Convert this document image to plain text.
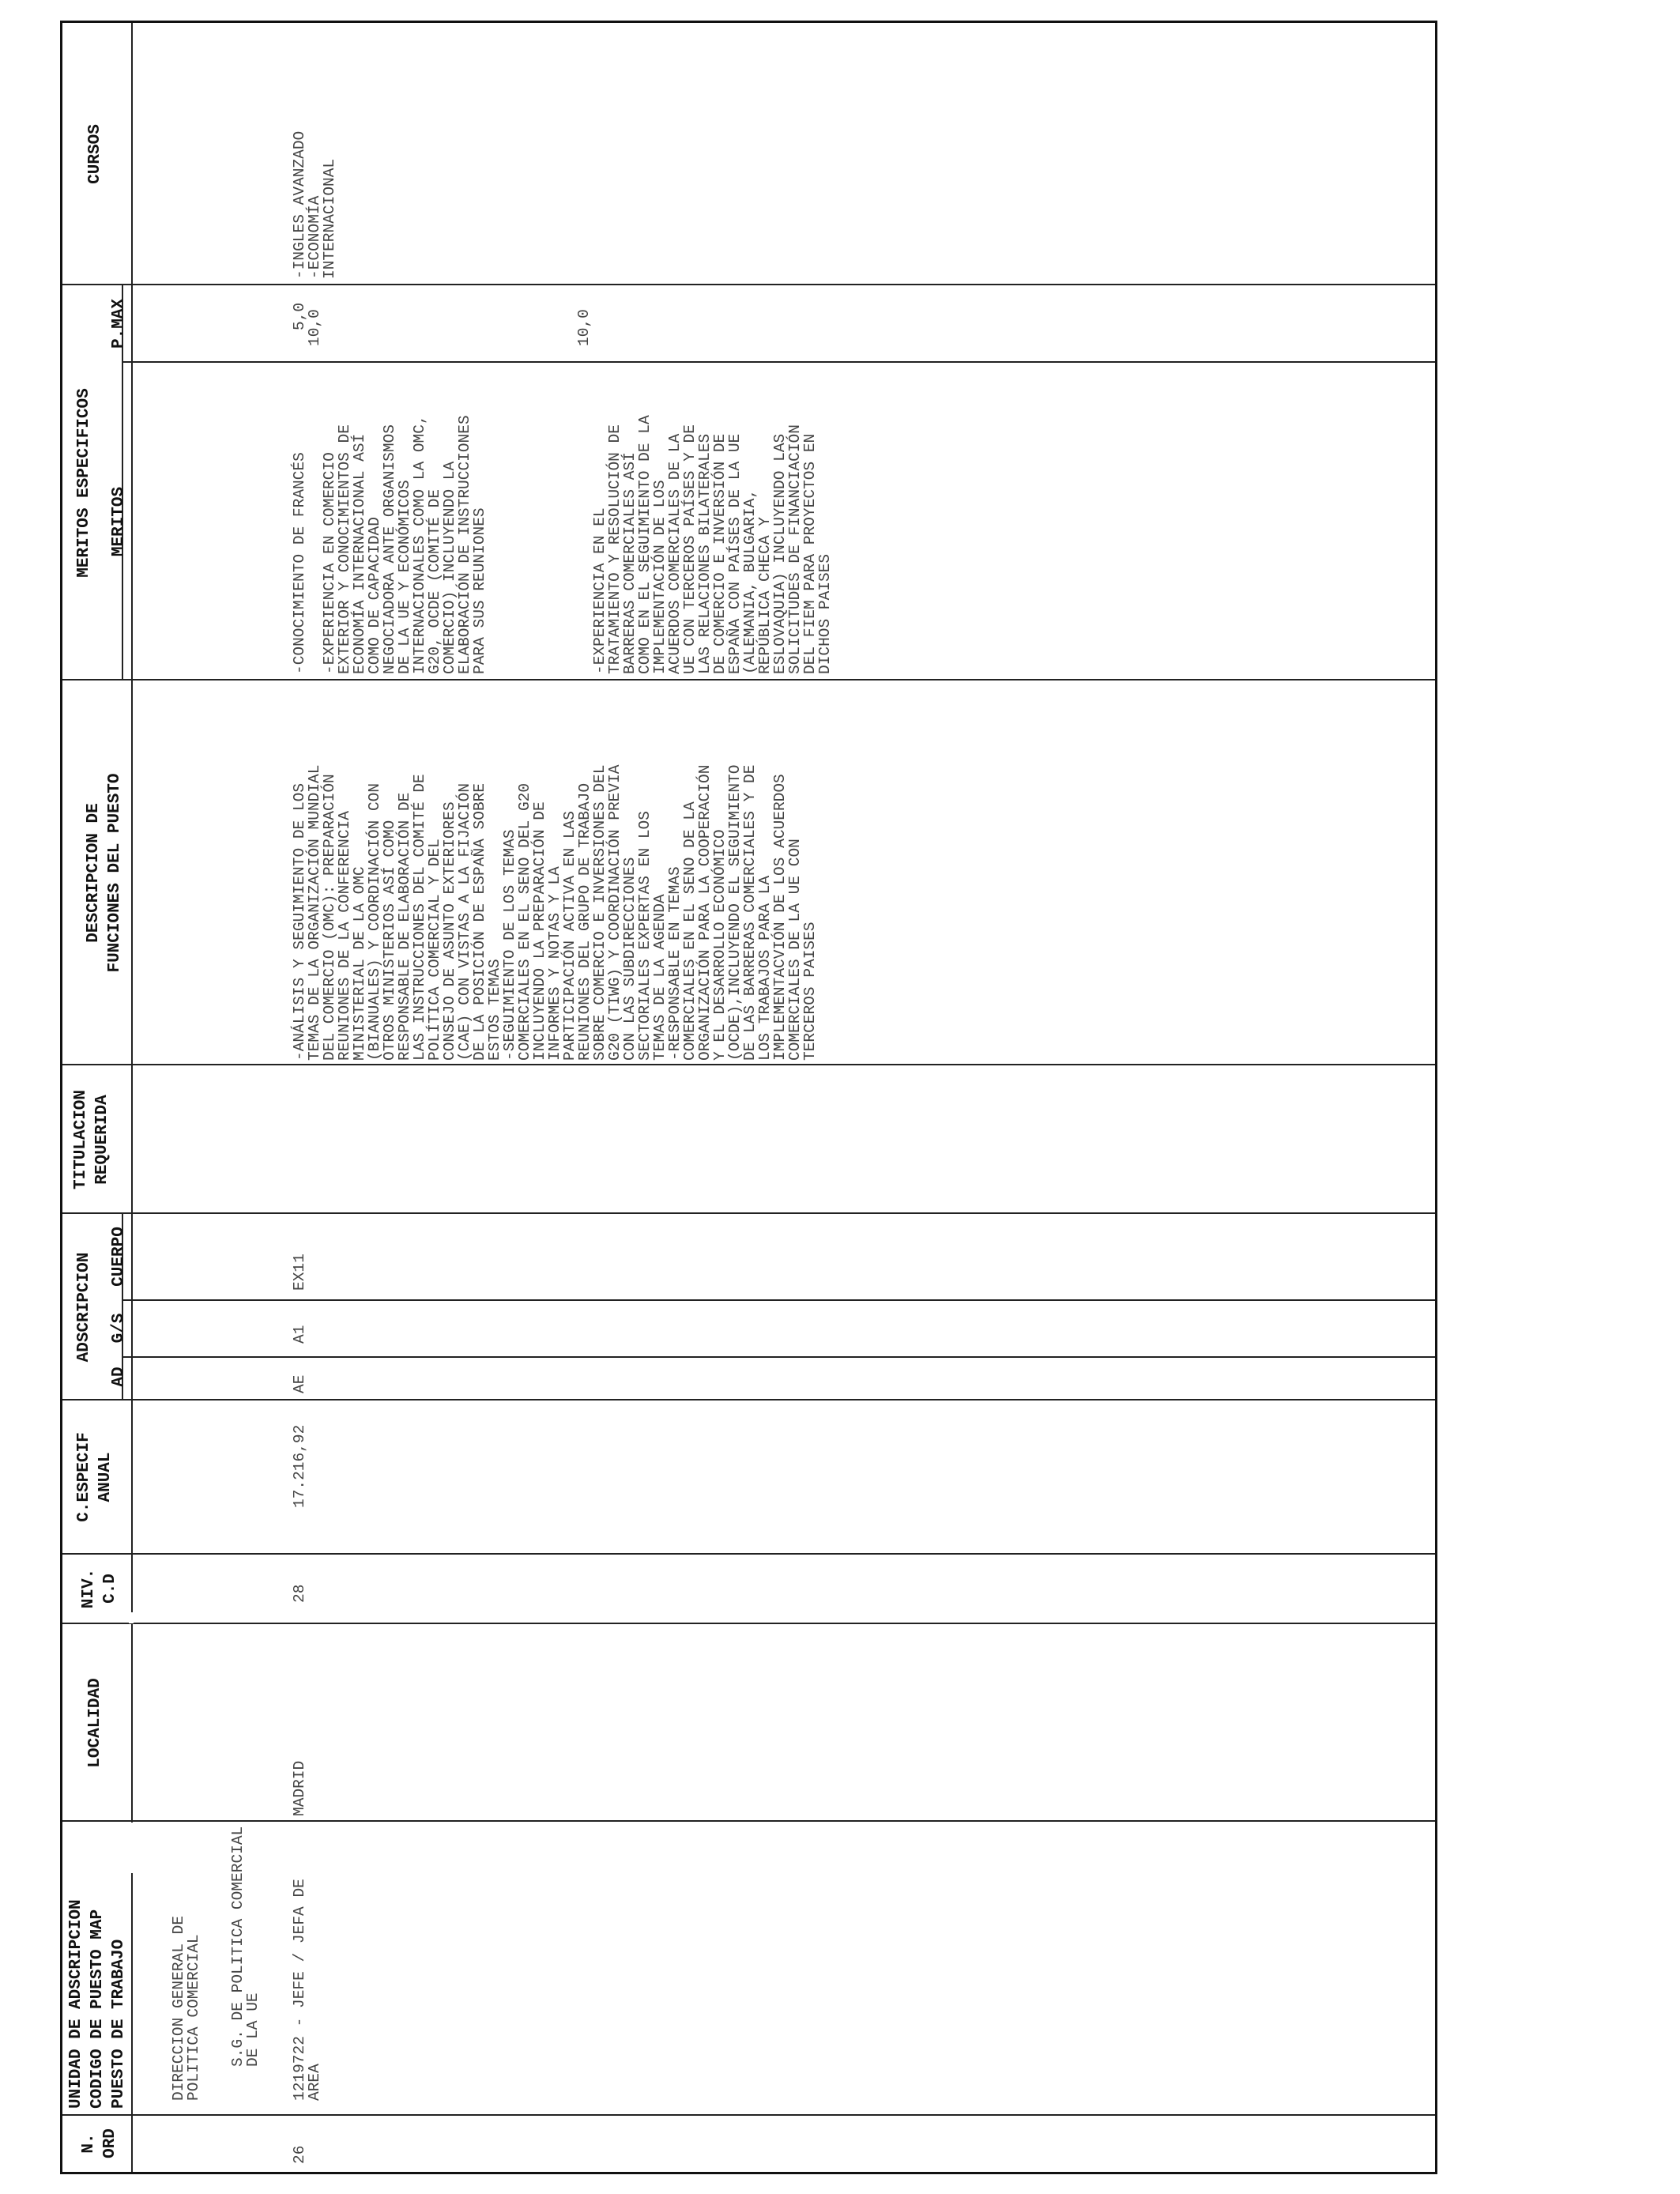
N.
ORD
UNIDAD DE ADSCRIPCION
CODIGO DE PUESTO MAP
PUESTO DE TRABAJO
LOCALIDAD
NIV.
C.D
C.ESPECIF
ANUAL
ADSCRIPCION
AD
G/S
CUERPO
TITULACION
REQUERIDA
DESCRIPCION DE
FUNCIONES DEL PUESTO
MERITOS ESPECIFICOS MERITOS
P.MAX
CURSOS
DIRECCION GENERAL DE
POLITICA COMERCIAL
S.G. DE POLITICA COMERCIAL
DE LA UE
26
1219722 - JEFE / JEFA DE
AREA
MADRID
28
17.216,92
AE
A1
EX11
-ANÁLISIS Y SEGUIMIENTO DE LOS
TEMAS DE LA ORGANIZACIÓN MUNDIAL
DEL COMERCIO (OMC): PREPARACIÓN
REUNIONES DE LA CONFERENCIA
MINISTERIAL DE LA OMC
(BIANUALES) Y COORDINACIÓN CON
OTROS MINISTERIOS ASÍ COMO
RESPONSABLE DE ELABORACIÓN DE
LAS INSTRUCCIONES DEL COMITÉ DE
POLÍTICA COMERCIAL Y DEL
CONSEJO DE ASUNTO EXTERIORES
(CAE) CON VISTAS A LA FIJACIÓN
DE LA POSICIÓN DE ESPAÑA SOBRE
ESTOS TEMAS
-SEGUIMIENTO DE LOS TEMAS
COMERCIALES EN EL SENO DEL G20
INCLUYENDO LA PREPARACIÓN DE
INFORMES Y NOTAS Y LA
PARTICIPACIÓN ACTIVA EN LAS
REUNIONES DEL GRUPO DE TRABAJO
SOBRE COMERCIO E INVERSIONES DEL
G20 (TIWG) Y COORDINACIÓN PREVIA
CON LAS SUBDIRECCIONES
SECTORIALES EXPERTAS EN LOS
TEMAS DE LA AGENDA
-RESPONSABLE EN TEMAS
COMERCIALES EN EL SENO DE LA
ORGANIZACIÓN PARA LA COOPERACIÓN
Y EL DESARROLLO ECONÓMICO
(OCDE),INCLUYENDO EL SEGUIMIENTO
DE LAS BARRERAS COMERCIALES Y DE
LOS TRABAJOS PARA LA
IMPLEMENTACVIÓN DE LOS ACUERDOS
COMERCIALES DE LA UE CON
TERCEROS PAISES
-CONOCIMIENTO DE FRANCÉS -EXPERIENCIA EN COMERCIO
EXTERIOR Y CONOCIMIENTOS DE
ECONOMÍA INTERNACIONAL ASÍ
COMO DE CAPACIDAD
NEGOCIADORA ANTE ORGANISMOS
DE LA UE Y ECONÓMICOS
INTERNACIONALES COMO LA OMC,
G20, OCDE (COMITÉ DE
COMERCIO) INCLUYENDO LA
ELABORACIÓN DE INSTRUCCIONES
PARA SUS REUNIONES
-EXPERIENCIA EN EL
TRATAMIENTO Y RESOLUCIÓN DE
BARRERAS COMERCIALES ASÍ
COMO EN EL SEGUIMIENTO DE LA
IMPLEMENTACIÓN DE LOS
ACUERDOS COMERCIALES DE LA
UE CON TERCEROS PAÍSES Y DE
LAS RELACIONES BILATERALES
DE COMERCIO E INVERSIÓN DE
ESPAÑA CON PAÍSES DE LA UE
(ALEMANIA, BULGARIA,
REPÚBLICA CHECA Y
ESLOVAQUIA) INCLUYENDO LAS
SOLICITUDES DE FINANCIACIÓN
DEL FIEM PARA PROYECTOS EN
DICHOS PAISES
5,0
10,0	10,0
-INGLES AVANZADO
-ECONOMÍA
INTERNACIONAL
